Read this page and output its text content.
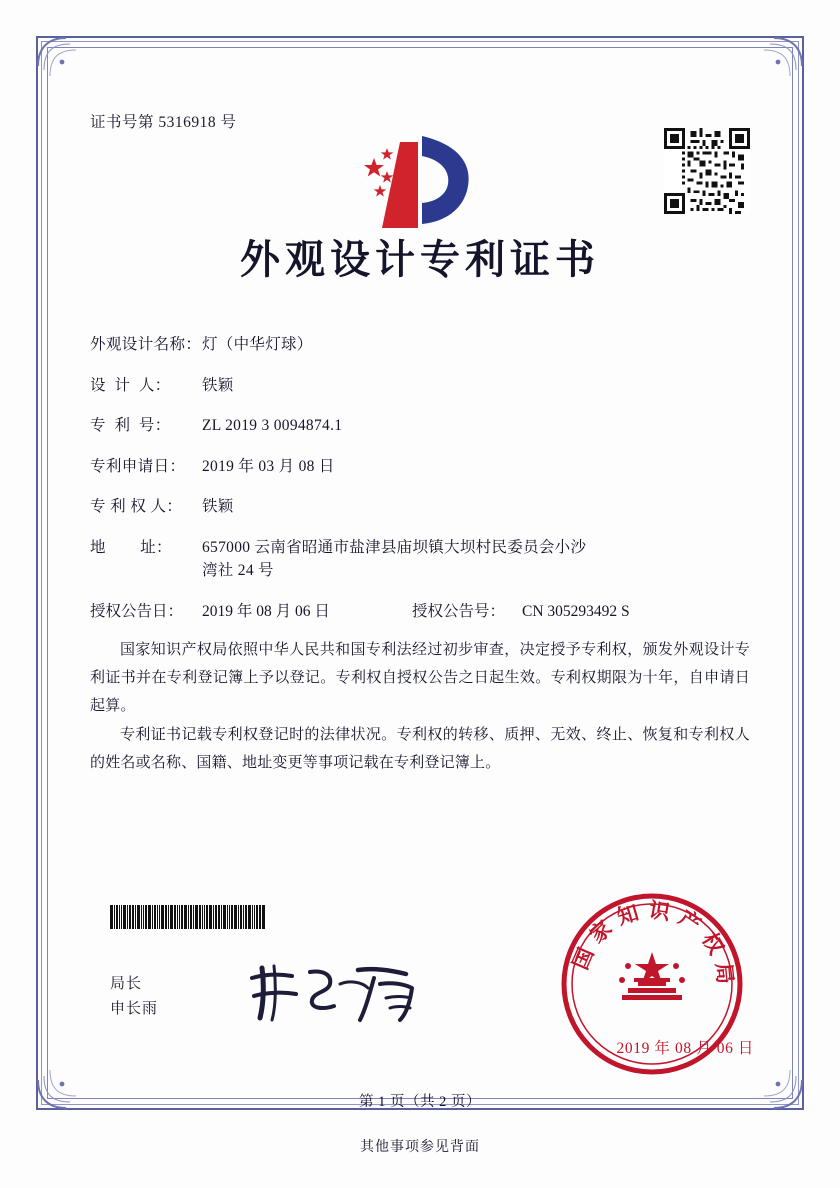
证书号第 5316918 号
外观设计专利证书
外观设计名称： 灯（中华灯球）
设  计  人：	铁颖
专  利  号：	ZL 2019 3 0094874.1
专利申请日：	2019 年 03 月 08 日
专 利 权 人：	铁颖
地        址：	657000 云南省昭通市盐津县庙坝镇大坝村民委员会小沙
湾社 24 号
授权公告日：	2019 年 08 月 06 日	授权公告号：	CN 305293492 S

国家知识产权局依照中华人民共和国专利法经过初步审查，决定授予专利权，颁发外观设计专利证书并在专利登记簿上予以登记。专利权自授权公告之日起生效。专利权期限为十年，自申请日起算。

专利证书记载专利权登记时的法律状况。专利权的转移、质押、无效、终止、恢复和专利权人的姓名或名称、国籍、地址变更等事项记载在专利登记簿上。

局长
申长雨
国家知识产权局
2019 年 08 月 06 日
第 1 页（共 2 页）
其他事项参见背面
